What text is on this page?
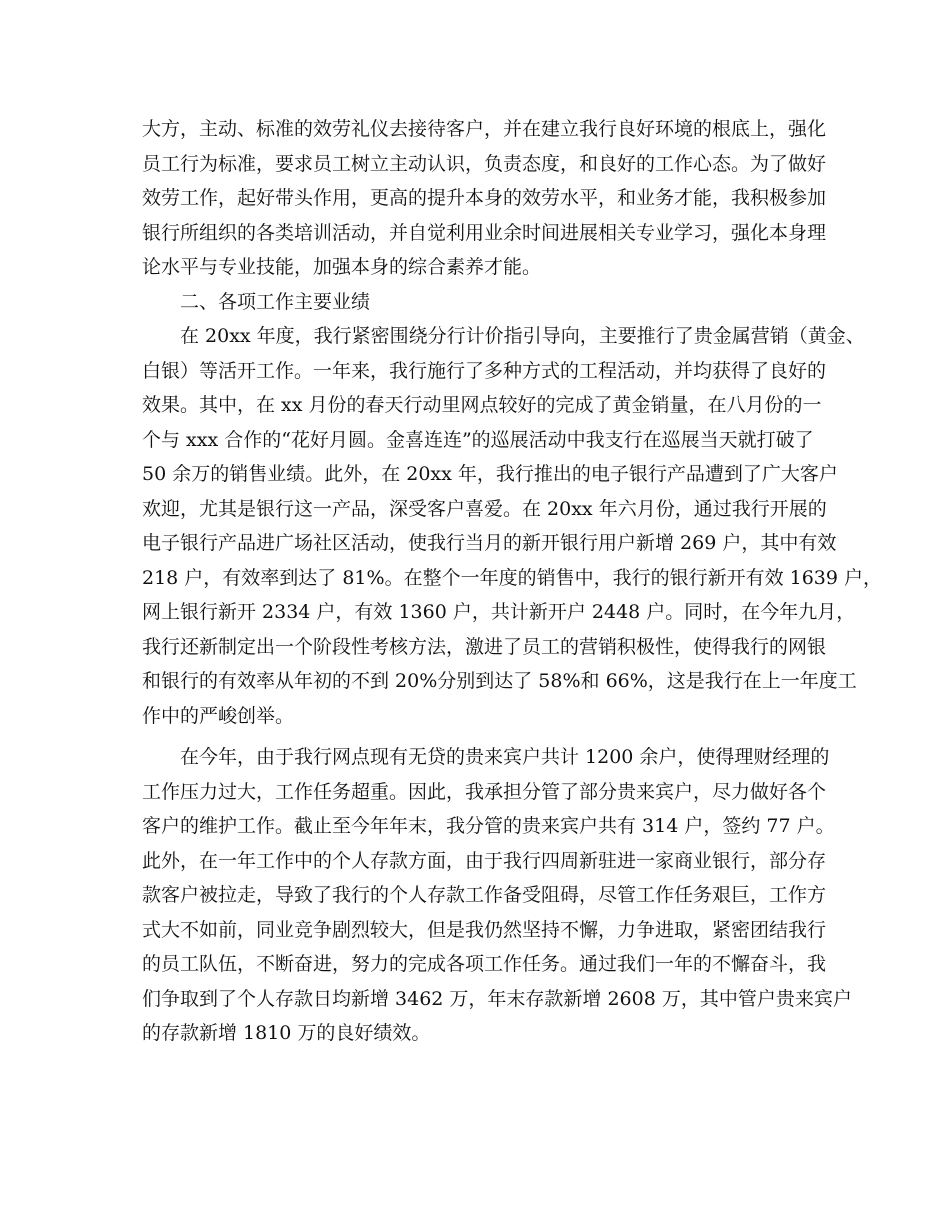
大方，主动、标准的效劳礼仪去接待客户，并在建立我行良好环境的根底上，强化
员工行为标准，要求员工树立主动认识，负责态度，和良好的工作心态。为了做好
效劳工作，起好带头作用，更高的提升本身的效劳水平，和业务才能，我积极参加
银行所组织的各类培训活动，并自觉利用业余时间进展相关专业学习，强化本身理
论水平与专业技能，加强本身的综合素养才能。
二、各项工作主要业绩
在 20xx 年度，我行紧密围绕分行计价指引导向，主要推行了贵金属营销（黄金、
白银）等活开工作。一年来，我行施行了多种方式的工程活动，并均获得了良好的
效果。其中，在 xx 月份的春天行动里网点较好的完成了黄金销量，在八月份的一
个与 xxx 合作的“花好月圆。金喜连连”的巡展活动中我支行在巡展当天就打破了
50 余万的销售业绩。此外，在 20xx 年，我行推出的电子银行产品遭到了广大客户
欢迎，尤其是银行这一产品，深受客户喜爱。在 20xx 年六月份，通过我行开展的
电子银行产品进广场社区活动，使我行当月的新开银行用户新增 269 户，其中有效
218 户，有效率到达了 81%。在整个一年度的销售中，我行的银行新开有效 1639 户，
网上银行新开 2334 户，有效 1360 户，共计新开户 2448 户。同时，在今年九月，
我行还新制定出一个阶段性考核方法，激进了员工的营销积极性，使得我行的网银
和银行的有效率从年初的不到 20%分别到达了 58%和 66%，这是我行在上一年度工
作中的严峻创举。
在今年，由于我行网点现有无贷的贵来宾户共计 1200 余户，使得理财经理的
工作压力过大，工作任务超重。因此，我承担分管了部分贵来宾户，尽力做好各个
客户的维护工作。截止至今年年末，我分管的贵来宾户共有 314 户，签约 77 户。
此外，在一年工作中的个人存款方面，由于我行四周新驻进一家商业银行，部分存
款客户被拉走，导致了我行的个人存款工作备受阻碍，尽管工作任务艰巨，工作方
式大不如前，同业竞争剧烈较大，但是我仍然坚持不懈，力争进取，紧密团结我行
的员工队伍，不断奋进，努力的完成各项工作任务。通过我们一年的不懈奋斗，我
们争取到了个人存款日均新增 3462 万，年末存款新增 2608 万，其中管户贵来宾户
的存款新增 1810 万的良好绩效。
